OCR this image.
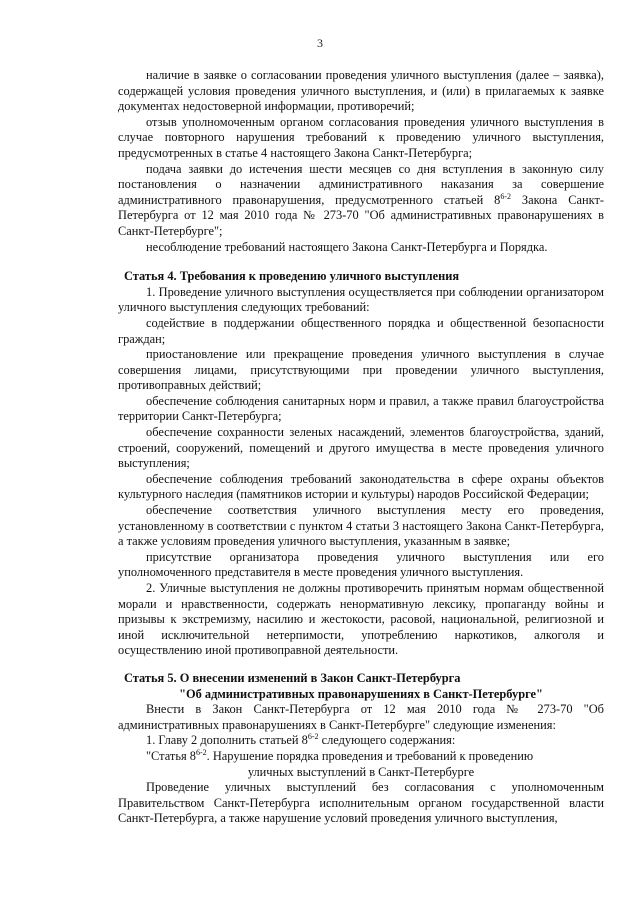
3

наличие в заявке о согласовании проведения уличного выступления (далее – заявка), содержащей условия проведения уличного выступления, и (или) в прилагаемых к заявке документах недостоверной информации, противоречий;

отзыв уполномоченным органом согласования проведения уличного выступления в случае повторного нарушения требований к проведению уличного выступления, предусмотренных в статье 4 настоящего Закона Санкт-Петербурга;

подача заявки до истечения шести месяцев со дня вступления в законную силу постановления о назначении административного наказания за совершение административного правонарушения, предусмотренного статьей 8$^{6-2}$ Закона Санкт-Петербурга от 12 мая 2010 года № 273-70 "Об административных правонарушениях в Санкт-Петербурге";

несоблюдение требований настоящего Закона Санкт-Петербурга и Порядка.

Статья 4. Требования к проведению уличного выступления

1. Проведение уличного выступления осуществляется при соблюдении организатором уличного выступления следующих требований:

содействие в поддержании общественного порядка и общественной безопасности граждан;

приостановление или прекращение проведения уличного выступления в случае совершения лицами, присутствующими при проведении уличного выступления, противоправных действий;

обеспечение соблюдения санитарных норм и правил, а также правил благоустройства территории Санкт-Петербурга;

обеспечение сохранности зеленых насаждений, элементов благоустройства, зданий, строений, сооружений, помещений и другого имущества в месте проведения уличного выступления;

обеспечение соблюдения требований законодательства в сфере охраны объектов культурного наследия (памятников истории и культуры) народов Российской Федерации;

обеспечение соответствия уличного выступления месту его проведения, установленному в соответствии с пунктом 4 статьи 3 настоящего Закона Санкт-Петербурга, а также условиям проведения уличного выступления, указанным в заявке;

присутствие организатора проведения уличного выступления или его уполномоченного представителя в месте проведения уличного выступления.

2. Уличные выступления не должны противоречить принятым нормам общественной морали и нравственности, содержать ненормативную лексику, пропаганду войны и призывы к экстремизму, насилию и жестокости, расовой, национальной, религиозной и иной исключительной нетерпимости, употреблению наркотиков, алкоголя и осуществлению иной противоправной деятельности.

Статья 5. О внесении изменений в Закон Санкт-Петербурга

"Об административных правонарушениях в Санкт-Петербурге"

Внести в Закон Санкт-Петербурга от 12 мая 2010 года № 273-70 "Об административных правонарушениях в Санкт-Петербурге" следующие изменения:

1. Главу 2 дополнить статьей 8$^{6-2}$ следующего содержания:

"Статья 8$^{6-2}$. Нарушение порядка проведения и требований к проведению

уличных выступлений в Санкт-Петербурге

Проведение уличных выступлений без согласования с уполномоченным Правительством Санкт-Петербурга исполнительным органом государственной власти Санкт-Петербурга, а также нарушение условий проведения уличного выступления,
